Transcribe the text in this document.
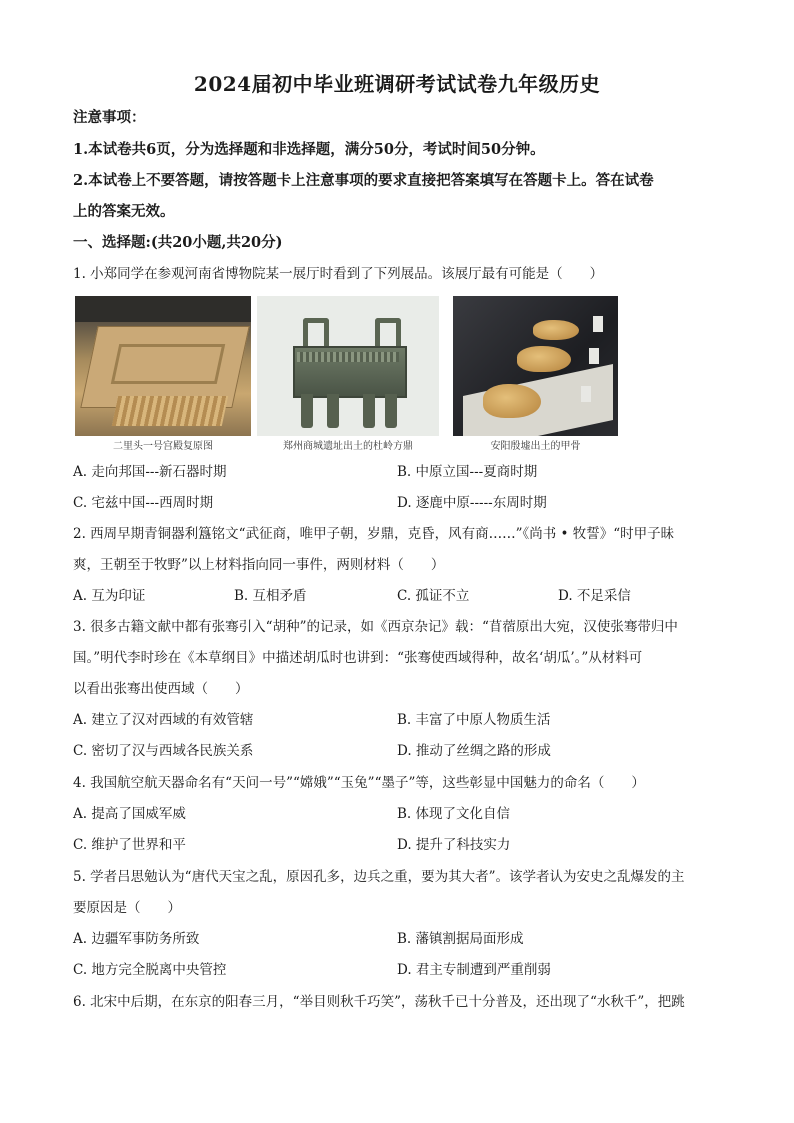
2024届初中毕业班调研考试试卷九年级历史
注意事项：
1.本试卷共6页，分为选择题和非选择题，满分50分，考试时间50分钟。
2.本试卷上不要答题，请按答题卡上注意事项的要求直接把答案填写在答题卡上。答在试卷
上的答案无效。
一、选择题:(共20小题,共20分)
1. 小郑同学在参观河南省博物院某一展厅时看到了下列展品。该展厅最有可能是（　　）
二里头一号宫殿复原图	郑州商城遗址出土的杜岭方鼎	安阳殷墟出土的甲骨
A. 走向邦国---新石器时期	B. 中原立国---夏商时期
C. 宅兹中国---西周时期	D. 逐鹿中原-----东周时期
2. 西周早期青铜器利簋铭文“武征商，唯甲子朝，岁鼎，克昏，风有商……”《尚书 • 牧誓》“时甲子昧
爽，王朝至于牧野”以上材料指向同一事件，两则材料（　　）
A. 互为印证	B. 互相矛盾	C. 孤证不立	D. 不足采信
3. 很多古籍文献中都有张骞引入“胡种”的记录，如《西京杂记》载：“苜蓿原出大宛，汉使张骞带归中
国。”明代李时珍在《本草纲目》中描述胡瓜时也讲到：“张骞使西域得种，故名‘胡瓜’。”从材料可
以看出张骞出使西域（　　）
A. 建立了汉对西域的有效管辖	B. 丰富了中原人物质生活
C. 密切了汉与西域各民族关系	D. 推动了丝绸之路的形成
4. 我国航空航天器命名有“天问一号”“嫦娥”“玉兔”“墨子”等，这些彰显中国魅力的命名（　　）
A. 提高了国威军威	B. 体现了文化自信
C. 维护了世界和平	D. 提升了科技实力
5. 学者吕思勉认为“唐代天宝之乱，原因孔多，边兵之重，要为其大者”。该学者认为安史之乱爆发的主
要原因是（　　）
A. 边疆军事防务所致	B. 藩镇割据局面形成
C. 地方完全脱离中央管控	D. 君主专制遭到严重削弱
6. 北宋中后期，在东京的阳春三月，“举目则秋千巧笑”，荡秋千已十分普及，还出现了“水秋千”，把跳
